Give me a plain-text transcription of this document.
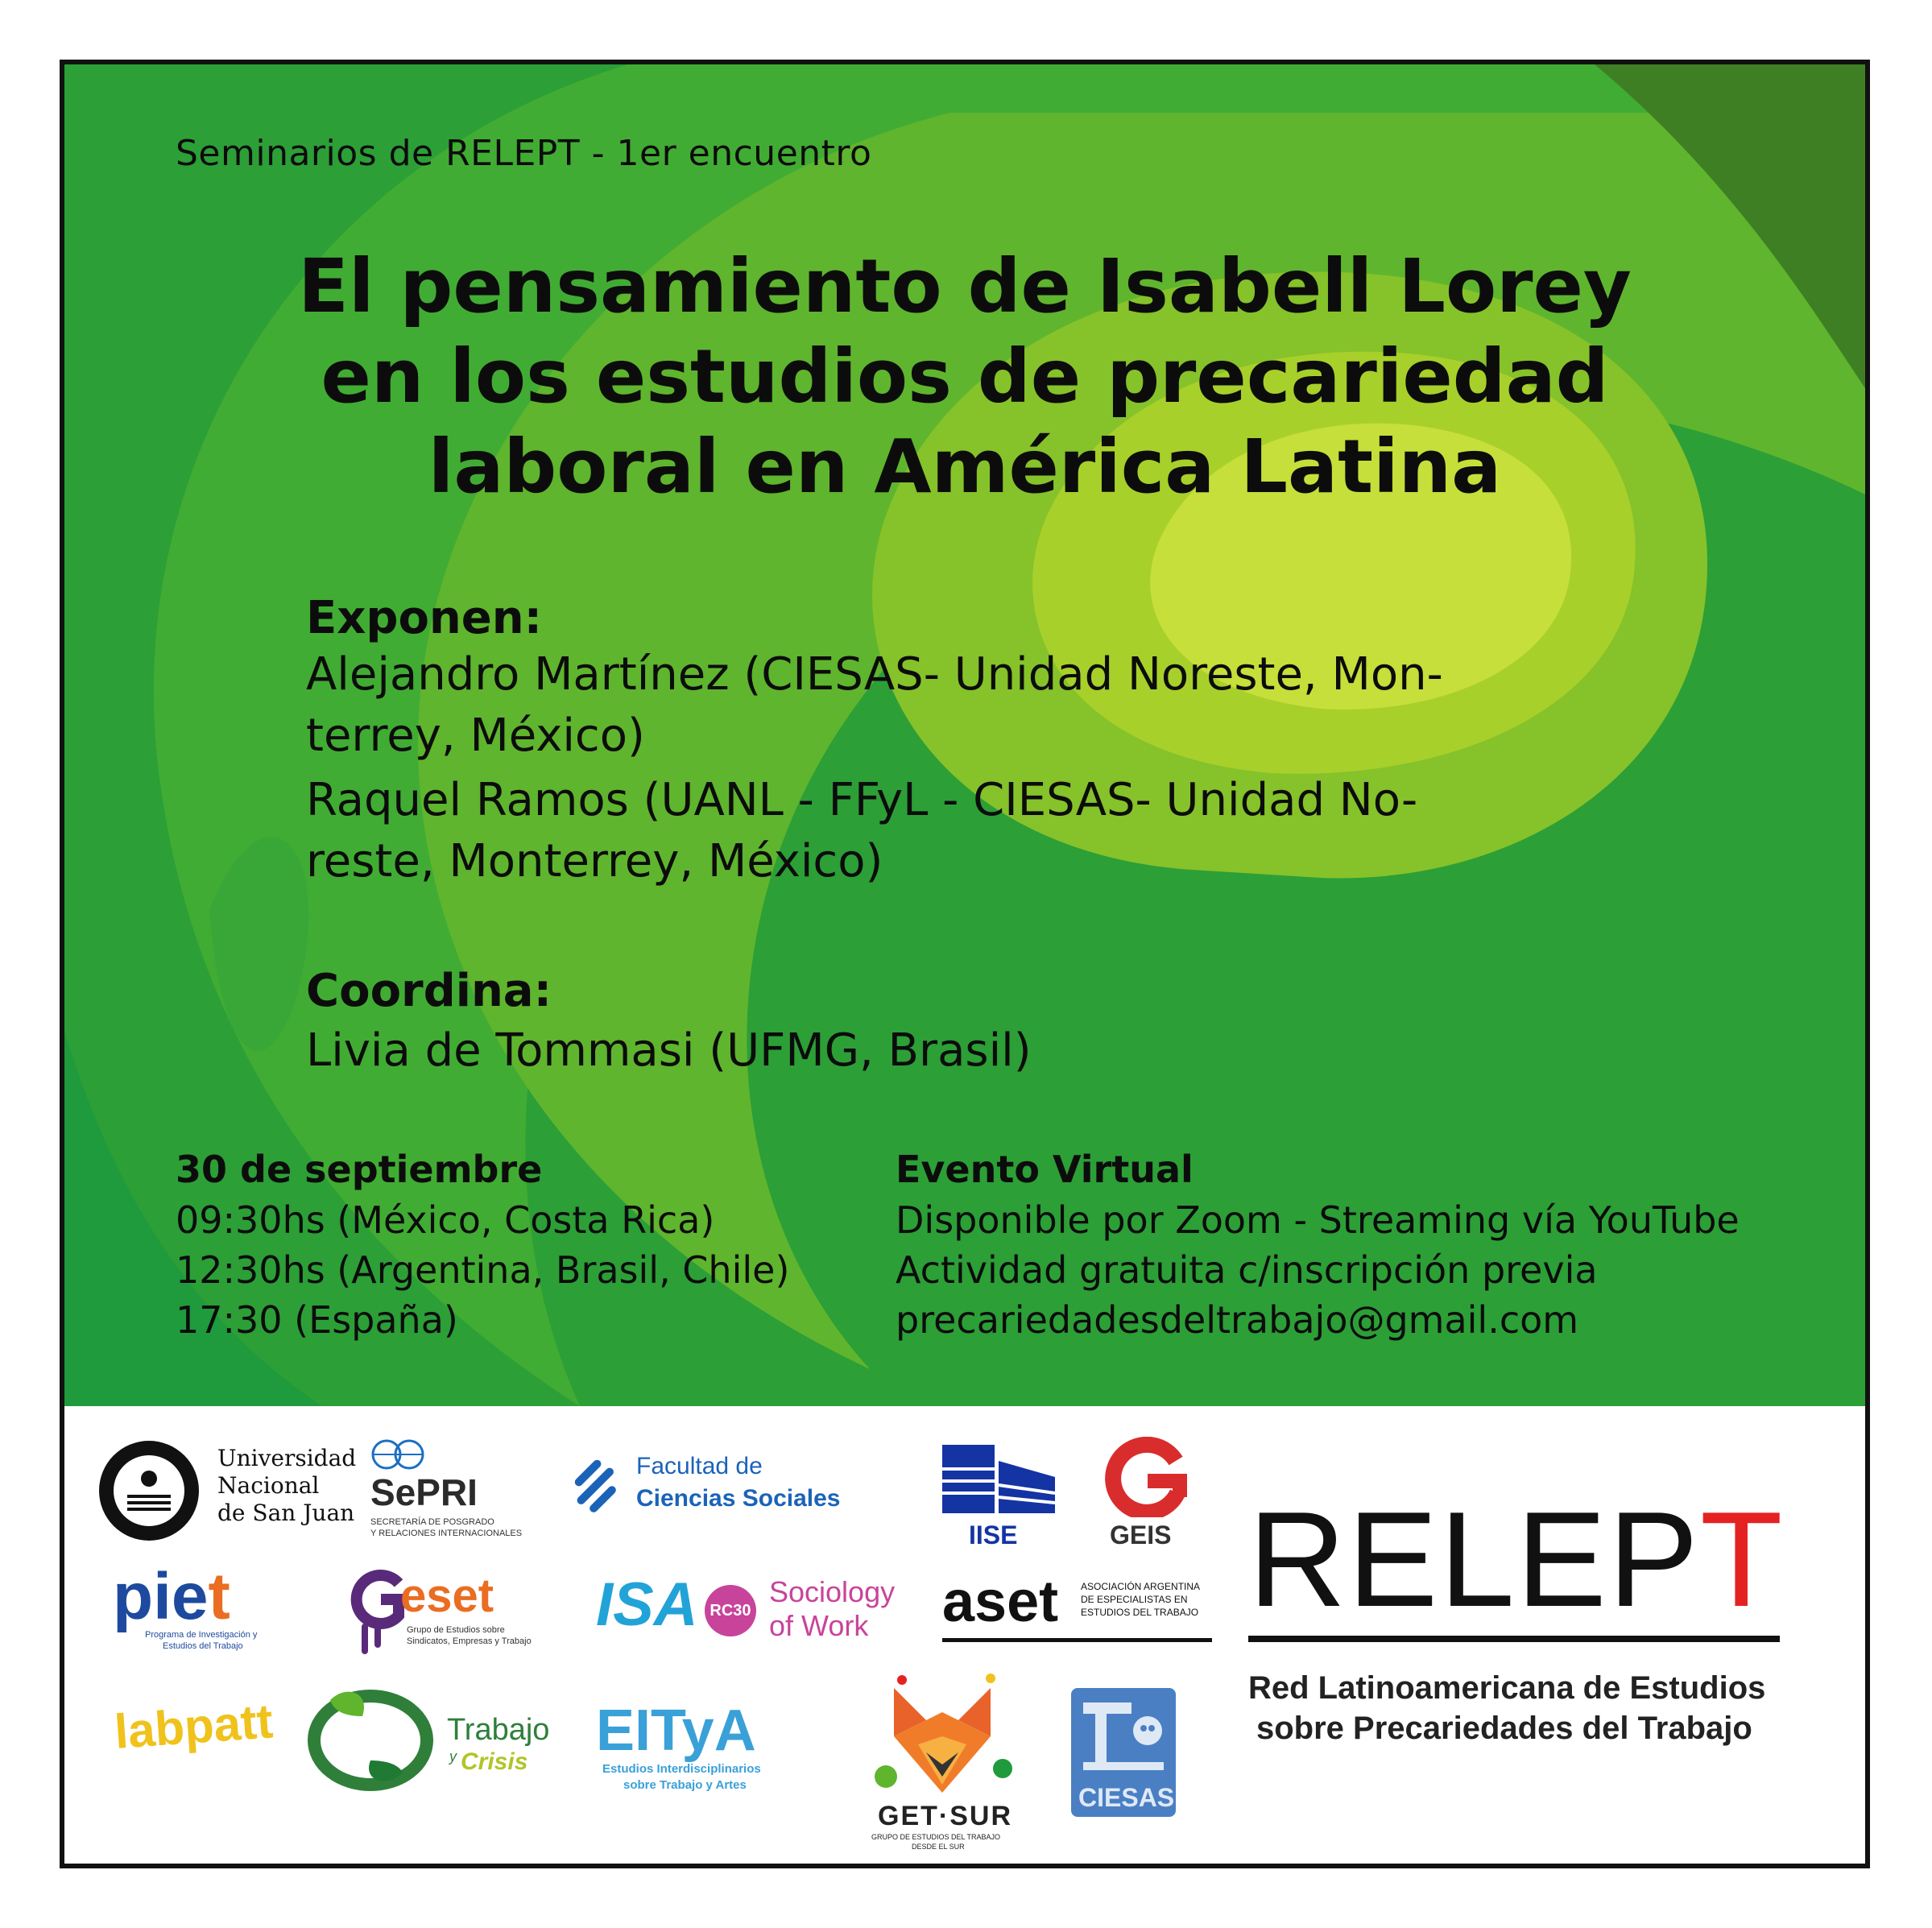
Seminarios de RELEPT - 1er encuentro
El pensamiento de Isabell Lorey
en los estudios de precariedad
laboral en América Latina
Exponen:
Alejandro Martínez (CIESAS- Unidad Noreste, Mon-
terrey, México)
Raquel Ramos (UANL - FFyL - CIESAS- Unidad No-
reste, Monterrey, México)
Coordina:
Livia de Tommasi (UFMG, Brasil)
30 de septiembre
09:30hs (México, Costa Rica)
12:30hs (Argentina, Brasil, Chile)
17:30 (España)
Evento Virtual
Disponible por Zoom - Streaming vía YouTube
Actividad gratuita c/inscripción previa
precariedadesdeltrabajo@gmail.com
Universidad
Nacional
de San Juan SePRI
SECRETARÍA DE POSGRADO
Y RELACIONES INTERNACIONALES
Facultad de
Ciencias Sociales
IISE	GEIS RELEPT
Red Latinoamericana de Estudios
sobre Precariedades del Trabajo
piet
Programa de Investigación y
Estudios del Trabajo
eset
Grupo de Estudios sobre
Sindicatos, Empresas y Trabajo
ISA RC30
Sociology
of Work aset ASOCIACIÓN ARGENTINA
DE ESPECIALISTAS EN
ESTUDIOS DEL TRABAJO
labpatt	Trabajo
y Crisis EITyA
Estudios Interdisciplinarios
sobre Trabajo y Artes
GET·SUR
GRUPO DE ESTUDIOS DEL TRABAJO
DESDE EL SUR
CIESAS
